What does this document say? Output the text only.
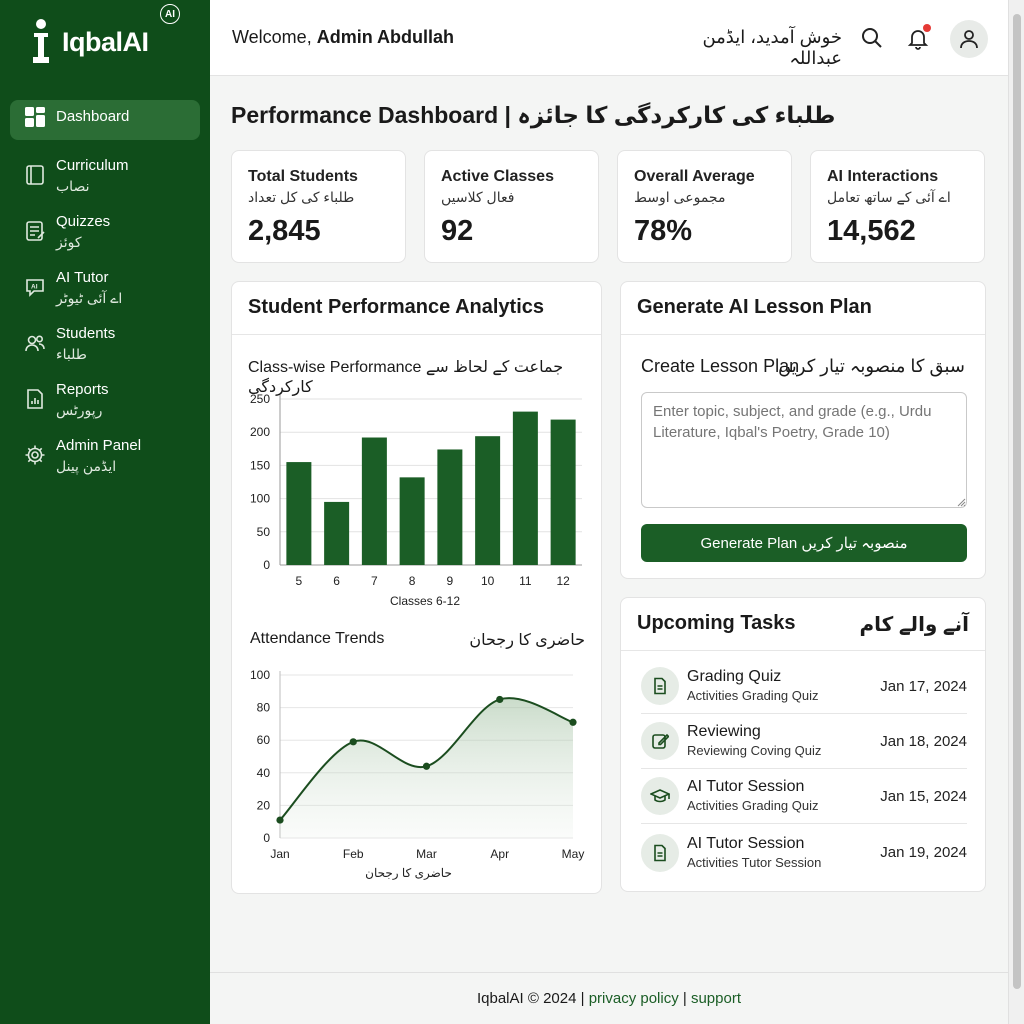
IqbalAI
AI
Dashboard
Curriculum
نصاب
Quizzes
کوئز
AI
AI Tutor
اے آئی ٹیوٹر
Students
طلباء
Reports
رپورٹس
Admin Panel
ایڈمن پینل
Welcome, Admin Abdullah	خوش آمدید، ایڈمن عبداللہ
Performance Dashboard | طلباء کی کارکردگی کا جائزہ
Total Students
طلباء کی کل تعداد
2,845
Active Classes
فعال کلاسیں
92
Overall Average
مجموعی اوسط
78%
AI Interactions
اے آئی کے ساتھ تعامل
14,562
Student Performance Analytics
Class-wise Performance جماعت کے لحاظ سے کارکردگی
0
50
100
150
200
250
5	6	7	8	9 10 11 12
Classes 6-12
Attendance Trends	حاضری کا رجحان
0
20
40
60
80
100
Jan	Feb	Mar	Apr	May
حاضری کا رجحان
Generate AI Lesson Plan
Create Lesson Plan
سبق کا منصوبہ تیار کریں
Enter topic, subject, and grade (e.g., Urdu Literature, Iqbal's Poetry, Grade 10)
Generate Plan منصوبہ تیار کریں
Upcoming Tasks	آنے والے کام
Grading Quiz
Activities Grading Quiz
Jan 17, 2024
Reviewing
Reviewing Coving Quiz
Jan 18, 2024
AI Tutor Session
Activities Grading Quiz
Jan 15, 2024
AI Tutor Session
Activities Tutor Session
Jan 19, 2024
IqbalAI © 2024 |
privacy policy
|
support
